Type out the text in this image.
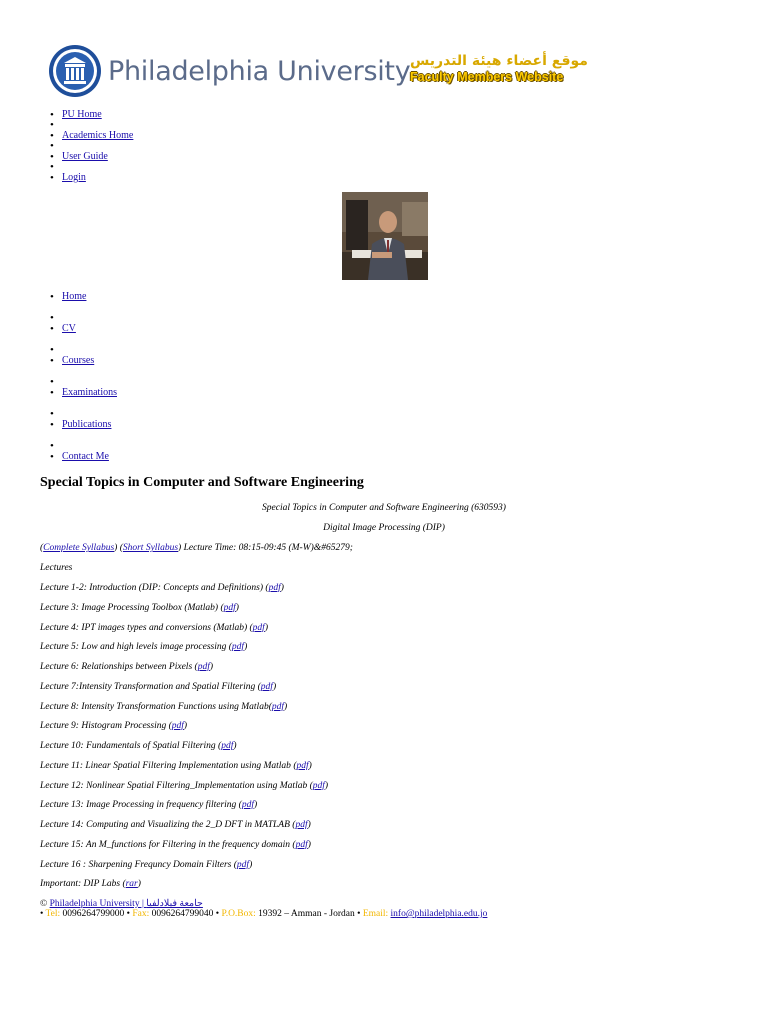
Philadelphia University موقع أعضاء هيئة التدريس
Faculty Members Website
• PU Home
• Academics Home
• User Guide
• Login
• Home
• CV
• Courses
• Examinations
• Publications
• Contact Me
Special Topics in Computer and Software Engineering
Special Topics in Computer and Software Engineering (630593)
Digital Image Processing (DIP)
(Complete Syllabus) (Short Syllabus) Lecture Time: 08:15-09:45 (M-W)&#65279;
Lectures
Lecture 1-2: Introduction (DIP: Concepts and Definitions) (pdf)
Lecture 3: Image Processing Toolbox (Matlab) (pdf)
Lecture 4: IPT images types and conversions (Matlab) (pdf)
Lecture 5: Low and high levels image processing (pdf)
Lecture 6: Relationships between Pixels (pdf)
Lecture 7:Intensity Transformation and Spatial Filtering (pdf)
Lecture 8: Intensity Transformation Functions using Matlab(pdf)
Lecture 9: Histogram Processing (pdf)
Lecture 10: Fundamentals of Spatial Filtering (pdf)
Lecture 11: Linear Spatial Filtering Implementation using Matlab (pdf)
Lecture 12: Nonlinear Spatial Filtering_Implementation using Matlab (pdf)
Lecture 13: Image Processing in frequency filtering (pdf)
Lecture 14: Computing and Visualizing the 2_D DFT in MATLAB (pdf)
Lecture 15: An M_functions for Filtering in the frequency domain (pdf)
Lecture 16 : Sharpening Frequncy Domain Filters (pdf)
Important: DIP Labs (rar)
© Philadelphia University | جامعة فيلادلفيا
• Tel: 0096264799000 • Fax: 0096264799040 • P.O.Box: 19392 – Amman - Jordan • Email: info@philadelphia.edu.jo
